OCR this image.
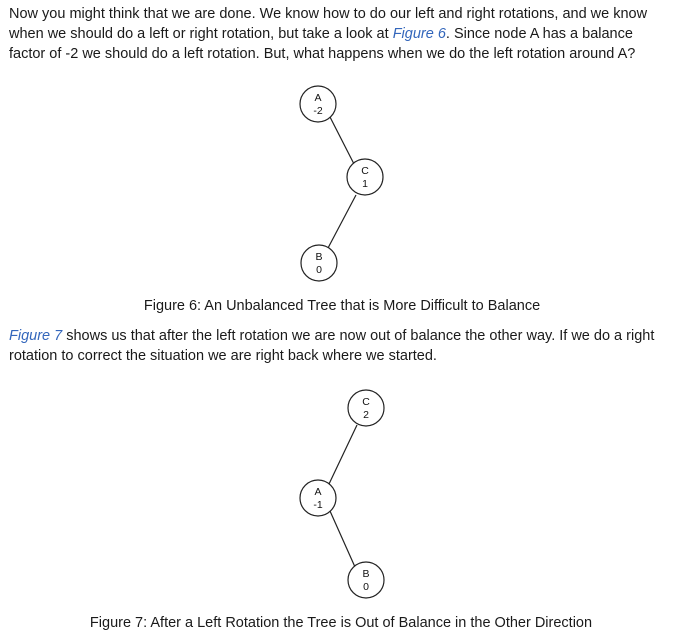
Now you might think that we are done. We know how to do our left and right rotations, and we know when we should do a left or right rotation, but take a look at Figure 6. Since node A has a balance factor of -2 we should do a left rotation. But, what happens when we do the left rotation around A?

A
-2
C
1
B
0
Figure 6: An Unbalanced Tree that is More Difficult to Balance

Figure 7 shows us that after the left rotation we are now out of balance the other way. If we do a right rotation to correct the situation we are right back where we started.

C
2
A
-1
B
0
Figure 7: After a Left Rotation the Tree is Out of Balance in the Other Direction
